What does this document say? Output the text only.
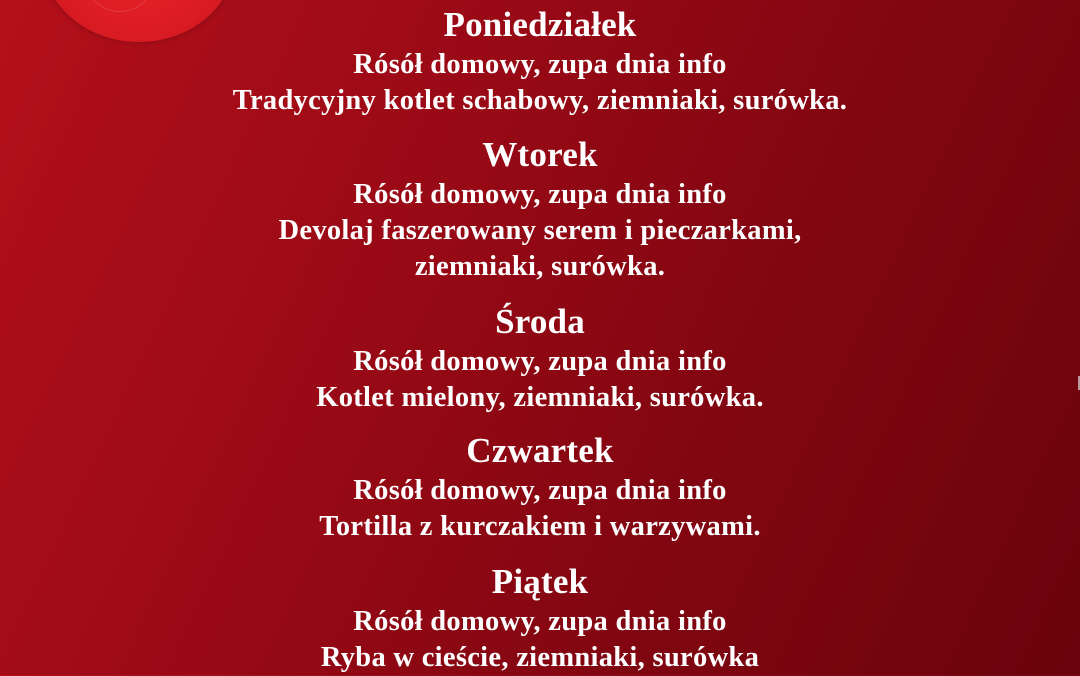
Poniedziałek
Rósół domowy, zupa dnia info
Tradycyjny kotlet schabowy, ziemniaki, surówka.
Wtorek
Rósół domowy, zupa dnia info
Devolaj faszerowany serem i pieczarkami,
ziemniaki, surówka.
Środa
Rósół domowy, zupa dnia info
Kotlet mielony, ziemniaki, surówka.
Czwartek
Rósół domowy, zupa dnia info
Tortilla z kurczakiem i warzywami.
Piątek
Rósół domowy, zupa dnia info
Ryba w cieście, ziemniaki, surówka
